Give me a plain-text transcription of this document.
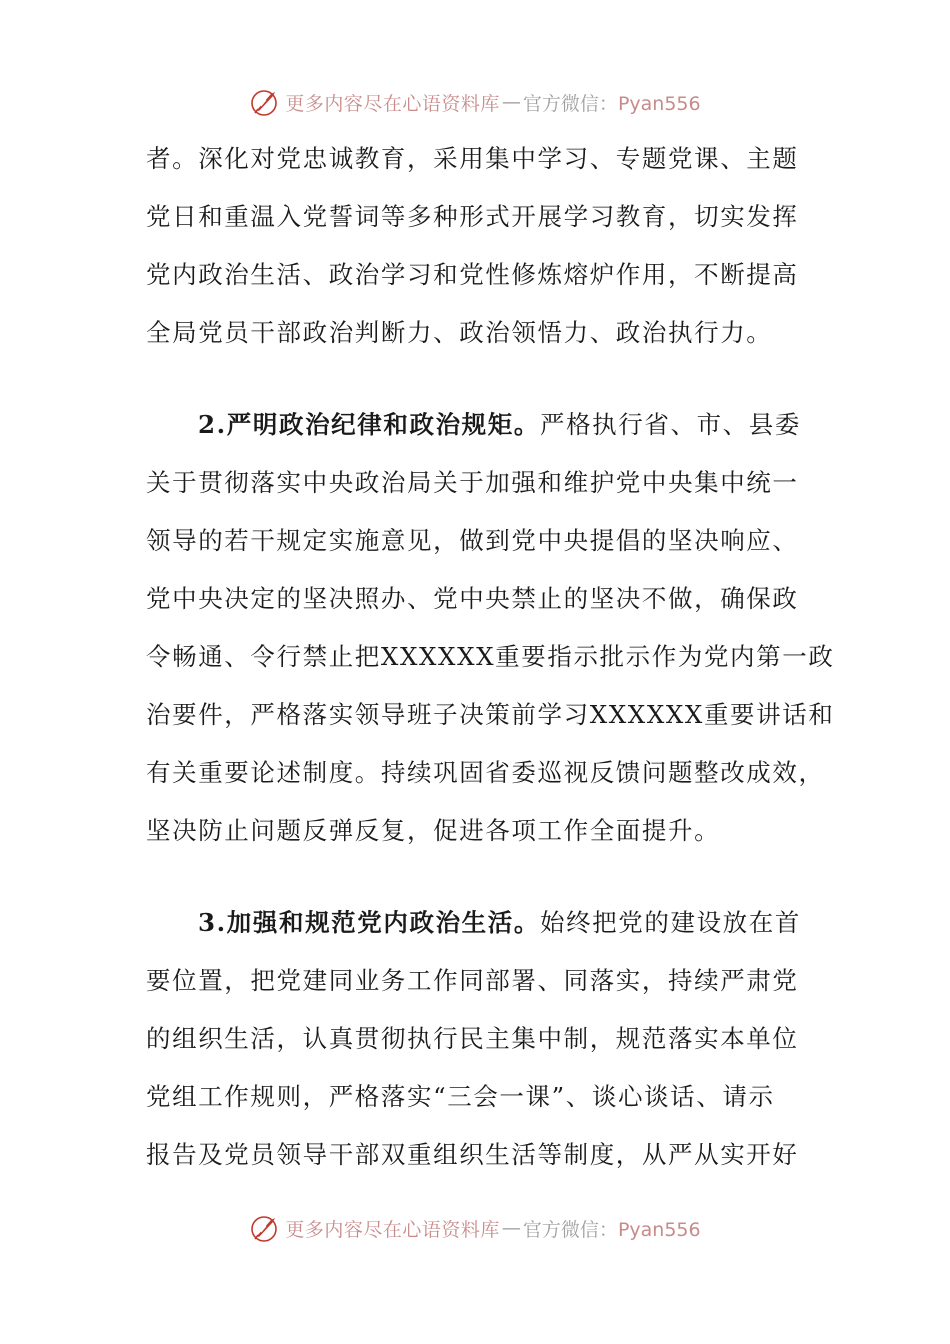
更多内容尽在心语资料库 — 官方微信：Pyan556
者。深化对党忠诚教育，采用集中学习、专题党课、主题
党日和重温入党誓词等多种形式开展学习教育，切实发挥
党内政治生活、政治学习和党性修炼熔炉作用，不断提高
全局党员干部政治判断力、政治领悟力、政治执行力。
2.严明政治纪律和政治规矩。严格执行省、市、县委
关于贯彻落实中央政治局关于加强和维护党中央集中统一
领导的若干规定实施意见，做到党中央提倡的坚决响应、
党中央决定的坚决照办、党中央禁止的坚决不做，确保政
令畅通、令行禁止把XXXXXX重要指示批示作为党内第一政
治要件，严格落实领导班子决策前学习XXXXXX重要讲话和
有关重要论述制度。持续巩固省委巡视反馈问题整改成效，
坚决防止问题反弹反复，促进各项工作全面提升。
3.加强和规范党内政治生活。始终把党的建设放在首
要位置，把党建同业务工作同部署、同落实，持续严肃党
的组织生活，认真贯彻执行民主集中制，规范落实本单位
党组工作规则，严格落实“三会一课”、谈心谈话、请示
报告及党员领导干部双重组织生活等制度，从严从实开好
更多内容尽在心语资料库 — 官方微信：Pyan556
